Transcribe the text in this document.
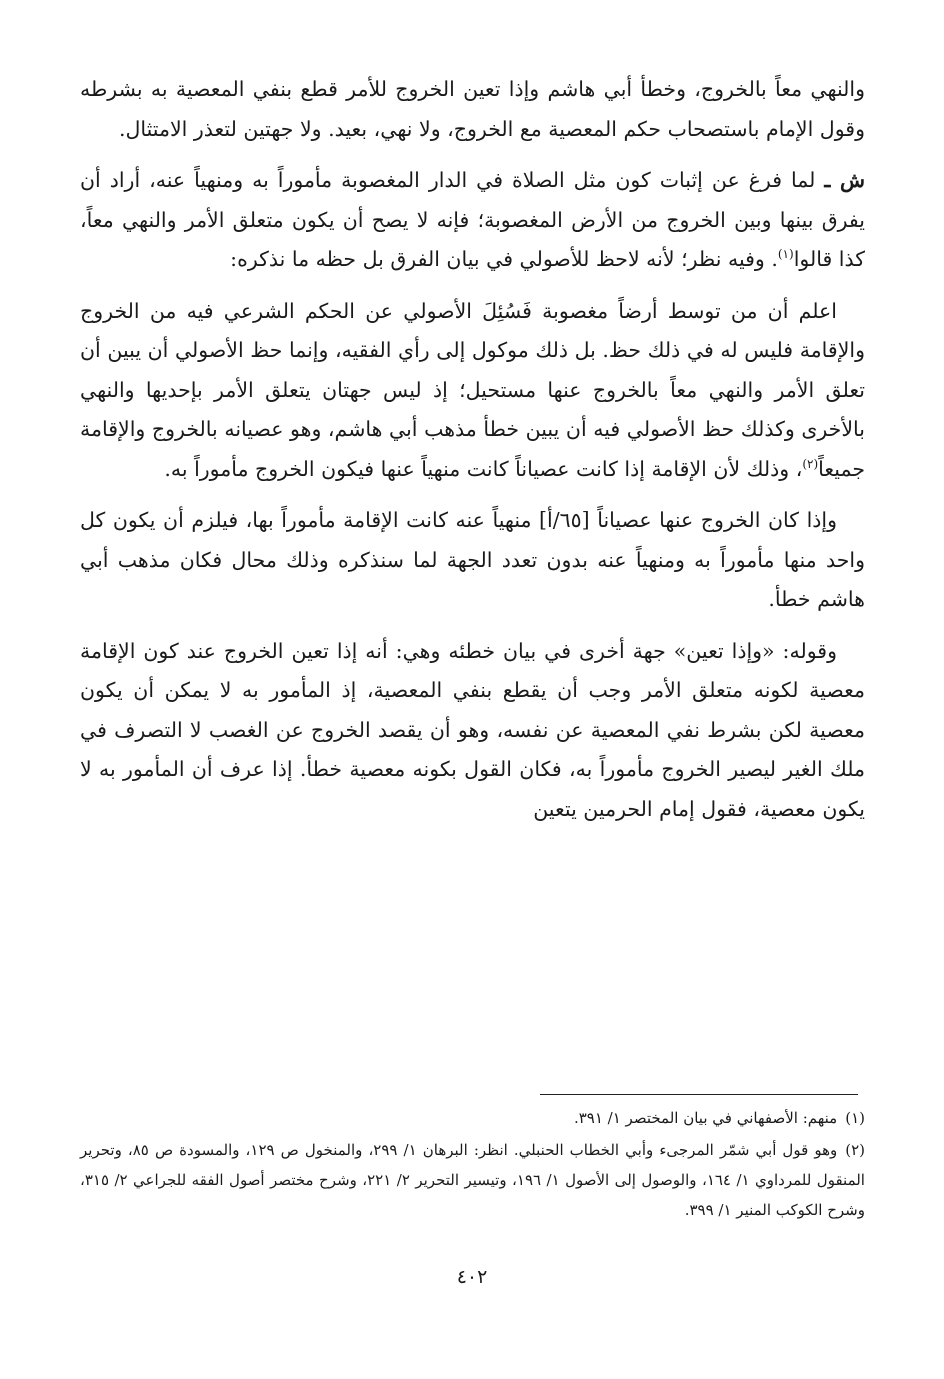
والنهي معاً بالخروج، وخطأ أبي هاشم وإذا تعين الخروج للأمر قطع بنفي المعصية به بشرطه وقول الإمام باستصحاب حكم المعصية مع الخروج، ولا نهي، بعيد. ولا جهتين لتعذر الامتثال.

ش ـ لما فرغ عن إثبات كون مثل الصلاة في الدار المغصوبة مأموراً به ومنهياً عنه، أراد أن يفرق بينها وبين الخروج من الأرض المغصوبة؛ فإنه لا يصح أن يكون متعلق الأمر والنهي معاً، كذا قالوا$^{(١)}$. وفيه نظر؛ لأنه لاحظ للأصولي في بيان الفرق بل حظه ما نذكره:

اعلم أن من توسط أرضاً مغصوبة فَسُئِلَ الأصولي عن الحكم الشرعي فيه من الخروج والإقامة فليس له في ذلك حظ. بل ذلك موكول إلى رأي الفقيه، وإنما حظ الأصولي أن يبين أن تعلق الأمر والنهي معاً بالخروج عنها مستحيل؛ إذ ليس جهتان يتعلق الأمر بإحديها والنهي بالأخرى وكذلك حظ الأصولي فيه أن يبين خطأ مذهب أبي هاشم، وهو عصيانه بالخروج والإقامة جميعاً$^{(٢)}$، وذلك لأن الإقامة إذا كانت عصياناً كانت منهياً عنها فيكون الخروج مأموراً به.

وإذا كان الخروج عنها عصياناً [٦٥/أ] منهياً عنه كانت الإقامة مأموراً بها، فيلزم أن يكون كل واحد منها مأموراً به ومنهياً عنه بدون تعدد الجهة لما سنذكره وذلك محال فكان مذهب أبي هاشم خطأ.

وقوله: «وإذا تعين» جهة أخرى في بيان خطئه وهي: أنه إذا تعين الخروج عند كون الإقامة معصية لكونه متعلق الأمر وجب أن يقطع بنفي المعصية، إذ المأمور به لا يمكن أن يكون معصية لكن بشرط نفي المعصية عن نفسه، وهو أن يقصد الخروج عن الغصب لا التصرف في ملك الغير ليصير الخروج مأموراً به، فكان القول بكونه معصية خطأ. إذا عرف أن المأمور به لا يكون معصية، فقول إمام الحرمين يتعين

(١)منهم: الأصفهاني في بيان المختصر ١/ ٣٩١.

(٢)وهو قول أبي شمّر المرجىء وأبي الخطاب الحنبلي. انظر: البرهان ١/ ٢٩٩، والمنخول ص ١٢٩، والمسودة ص ٨٥، وتحرير المنقول للمرداوي ١/ ١٦٤، والوصول إلى الأصول ١/ ١٩٦، وتيسير التحرير ٢/ ٢٢١، وشرح مختصر أصول الفقه للجراعي ٢/ ٣١٥، وشرح الكوكب المنير ١/ ٣٩٩.

٤٠٢
